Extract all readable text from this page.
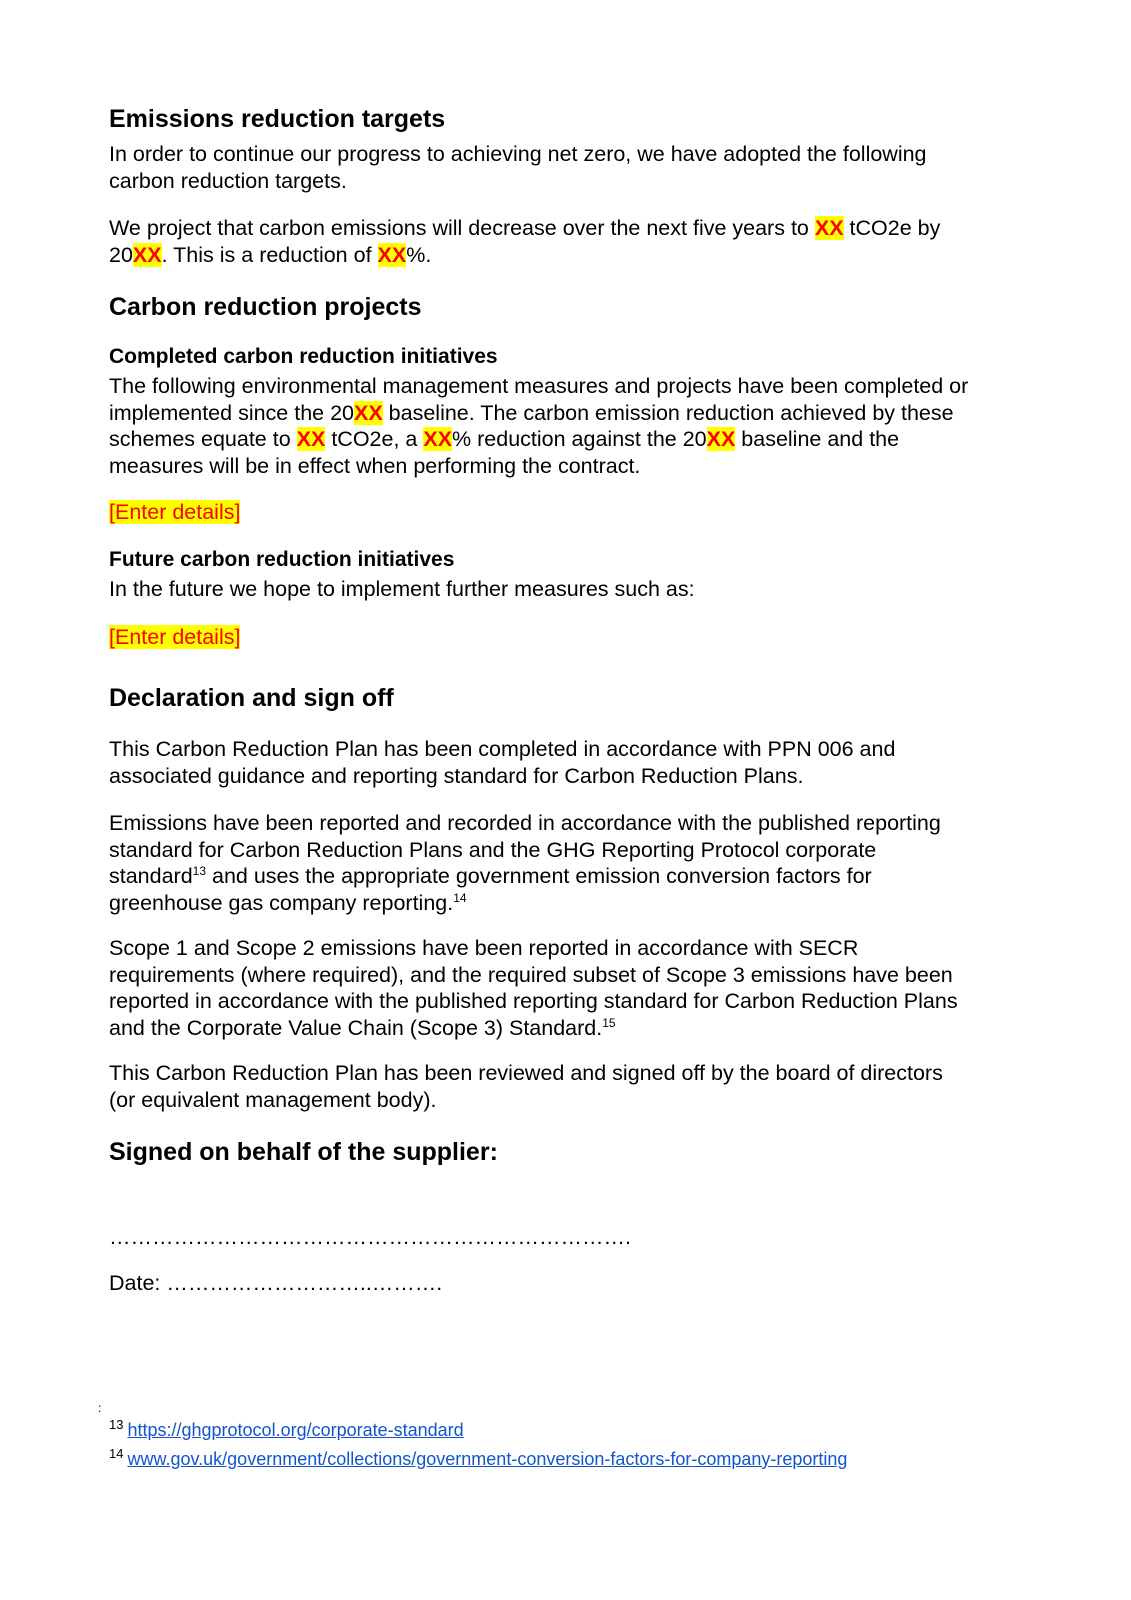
Emissions reduction targets
In order to continue our progress to achieving net zero, we have adopted the following
carbon reduction targets.
We project that carbon emissions will decrease over the next five years to XX tCO2e by
20XX. This is a reduction of XX%.
Carbon reduction projects
Completed carbon reduction initiatives
The following environmental management measures and projects have been completed or
implemented since the 20XX baseline. The carbon emission reduction achieved by these
schemes equate to XX tCO2e, a XX% reduction against the 20XX baseline and the
measures will be in effect when performing the contract.
[Enter details]
Future carbon reduction initiatives
In the future we hope to implement further measures such as:
[Enter details]
Declaration and sign off
This Carbon Reduction Plan has been completed in accordance with PPN 006 and
associated guidance and reporting standard for Carbon Reduction Plans.
Emissions have been reported and recorded in accordance with the published reporting
standard for Carbon Reduction Plans and the GHG Reporting Protocol corporate
standard$^{13}$ and uses the appropriate government emission conversion factors for
greenhouse gas company reporting.$^{14}$
Scope 1 and Scope 2 emissions have been reported in accordance with SECR
requirements (where required), and the required subset of Scope 3 emissions have been
reported in accordance with the published reporting standard for Carbon Reduction Plans
and the Corporate Value Chain (Scope 3) Standard.$^{15}$
This Carbon Reduction Plan has been reviewed and signed off by the board of directors
(or equivalent management body).
Signed on behalf of the supplier:
……………………………………………………………….
Date: ………………………..……….
$^{13}$ https://ghgprotocol.org/corporate-standard
$^{14}$ www.gov.uk/government/collections/government-conversion-factors-for-company-reporting
:
